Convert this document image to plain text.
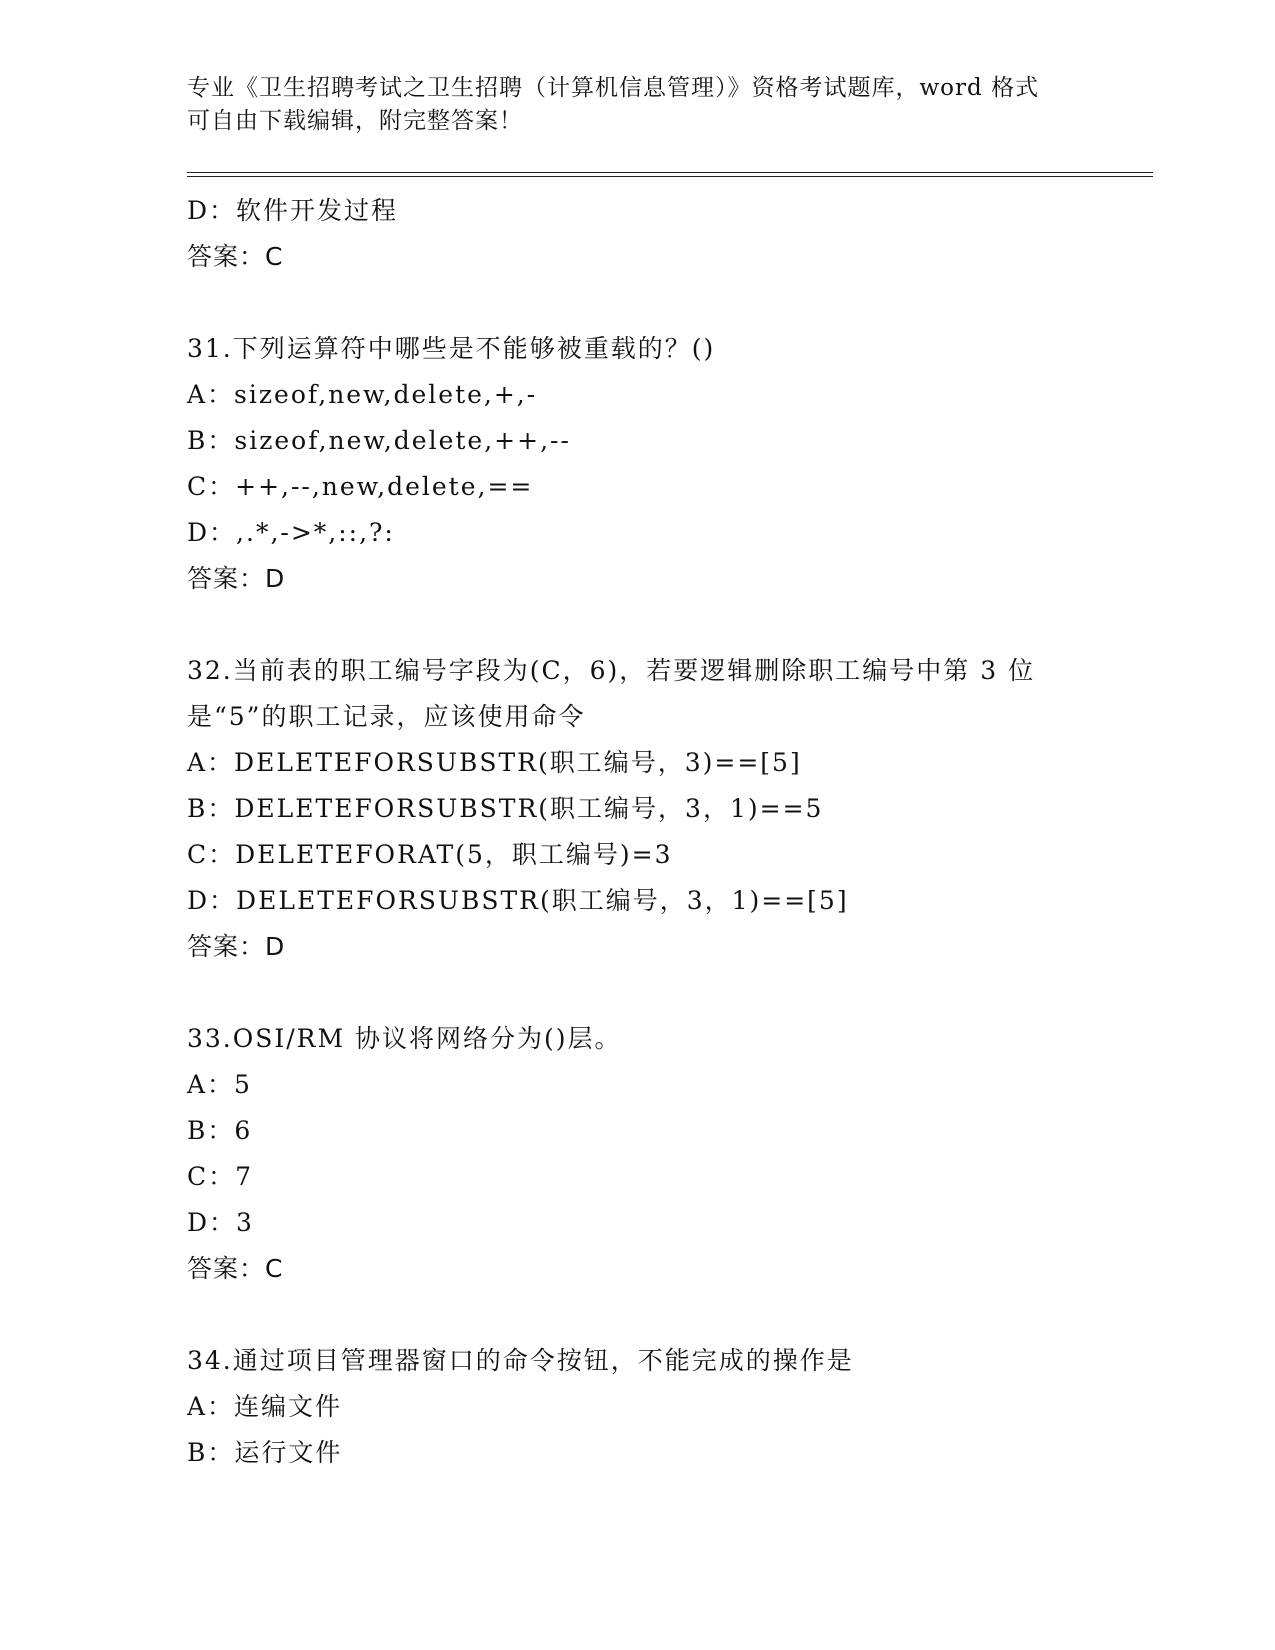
专业《卫生招聘考试之卫生招聘（计算机信息管理）》资格考试题库，word 格式
可自由下载编辑，附完整答案！
D：软件开发过程
答案：C
31.下列运算符中哪些是不能够被重载的？()
A：sizeof,new,delete,+,-
B：sizeof,new,delete,++,--
C：++,--,new,delete,==
D：,.*,->*,::,?:
答案：D
32.当前表的职工编号字段为(C，6)，若要逻辑删除职工编号中第 3 位
是“5”的职工记录，应该使用命令
A：DELETEFORSUBSTR(职工编号，3)==[5]
B：DELETEFORSUBSTR(职工编号，3，1)==5
C：DELETEFORAT(5，职工编号)=3
D：DELETEFORSUBSTR(职工编号，3，1)==[5]
答案：D
33.OSI/RM 协议将网络分为()层。
A：5
B：6
C：7
D：3
答案：C
34.通过项目管理器窗口的命令按钮，不能完成的操作是
A：连编文件
B：运行文件
